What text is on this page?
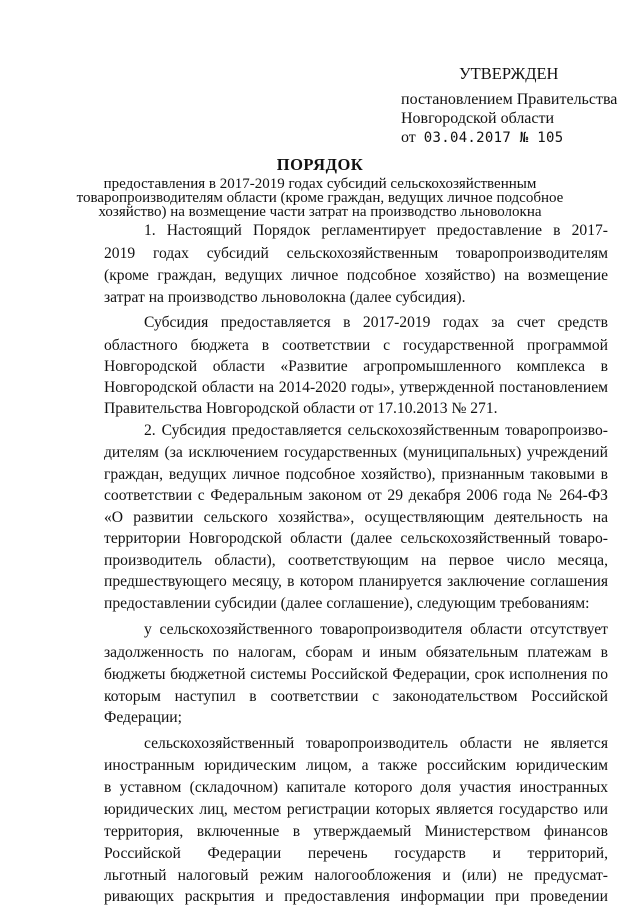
УТВЕРЖДЕН
постановлением Правительства
Новгородской области
от 03.04.2017 № 105
ПОРЯДОК
предоставления в 2017-2019 годах субсидий сельскохозяйственным
товаропроизводителям области (кроме граждан, ведущих личное подсобное
хозяйство) на возмещение части затрат на производство льноволокна
1. Настоящий Порядок регламентирует предоставление в 2017-
2019 годах субсидий сельскохозяйственным товаропроизводителям
(кроме граждан, ведущих личное подсобное хозяйство) на возмещение
затрат на производство льноволокна (далее субсидия).
Субсидия предоставляется в 2017-2019 годах за счет средств
областного бюджета в соответствии с государственной программой
Новгородской области «Развитие агропромышленного комплекса в
Новгородской области на 2014-2020 годы», утвержденной постановлением
Правительства Новгородской области от 17.10.2013 № 271.
2. Субсидия предоставляется сельскохозяйственным товаропроизво-
дителям (за исключением государственных (муниципальных) учреждений
граждан, ведущих личное подсобное хозяйство), признанным таковыми в
соответствии с Федеральным законом от 29 декабря 2006 года № 264-ФЗ
«О развитии сельского хозяйства», осуществляющим деятельность на
территории Новгородской области (далее сельскохозяйственный товаро-
производитель области), соответствующим на первое число месяца,
предшествующего месяцу, в котором планируется заключение соглашения
предоставлении субсидии (далее соглашение), следующим требованиям:
у сельскохозяйственного товаропроизводителя области отсутствует
задолженность по налогам, сборам и иным обязательным платежам в
бюджеты бюджетной системы Российской Федерации, срок исполнения по
которым наступил в соответствии с законодательством Российской
Федерации;
сельскохозяйственный товаропроизводитель области не является
иностранным юридическим лицом, а также российским юридическим
в уставном (складочном) капитале которого доля участия иностранных
юридических лиц, местом регистрации которых является государство или
территория, включенные в утверждаемый Министерством финансов
Российской Федерации перечень государств и территорий,
льготный налоговый режим налогообложения и (или) не предусмат-
ривающих раскрытия и предоставления информации при проведении
